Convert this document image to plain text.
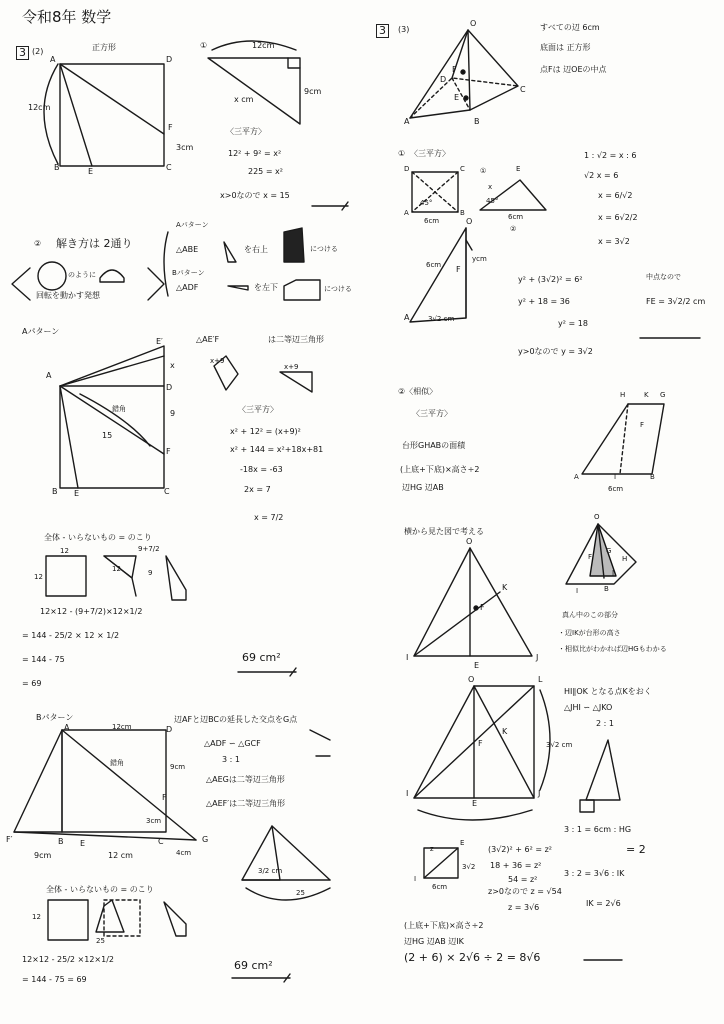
令和8年 数学
3 (2)	正方形
A	D
B	C
E
F
12cm
3cm
①	12cm
9cm
x cm
〈三平方〉
12² + 9² = x²
225 = x²
x>0なので x = 15
② 解き方は 2通り
Aパターン
△ABE	を右上	につける
Bパターン
△ADF	を左下	につける
のように
回転を動かす発想
Aパターン
△AE′F	は二等辺三角形
E′
A
D
B	C
E
F
x
9
15
錯角
x+9
x+9
〈三平方〉
x² + 12² = (x+9)²
x² + 144 = x²+18x+81
-18x = -63
2x = 7
x = 7/2
全体 - いらないもの = のこり
12
12
9+7/2
9
12
12×12 - (9+7/2)×12×1/2
= 144 - 25/2 × 12 × 1/2
= 144 - 75
= 69
69 cm²
Bパターン	辺AFと辺BCの延長した交点をG点
△ADF ∽ △GCF
3 : 1
△AEGは二等辺三角形
△AEF′は二等辺三角形
F′	B E	C	G
A	D
F
9cm
3cm
4cm
錯角
12cm
12 cm
9cm
25
3/2 cm
全体 - いらないもの = のこり
12
25
12×12 - 25/2 ×12×1/2
= 144 - 75 = 69
69 cm²
3	(3)	すべての辺 6cm
底面は 正方形
点Fは 辺OEの中点
O
D
C
A	B
F
E
① 〈三平方〉
D	C
A	B
45°
6cm
①	E
x
45°
6cm
②
1 : √2 = x : 6
√2 x = 6
x = 6/√2
x = 6√2/2
x = 3√2
O
F
A
ycm
6cm
3√2 cm
y² + (3√2)² = 6²
y² + 18 = 36
y² = 18
y>0なので y = 3√2
中点なので
FE = 3√2/2 cm
②〈相似〉
〈三平方〉
台形GHABの面積
(上底+下底)×高さ÷2
辺HG 辺AB
H	K G
F
A	I	B
6cm
横から見た図で考える
O
K
F
I
E
J
O
H
G
F
I
J
B
真ん中のこの部分
・辺IKが台形の高さ
・相似比がわかれば辺HGもわかる
O	L
K
F
I
E
J
3√2 cm
HI∥OK となる点Kをおく
△JHI ∽ △JKO
2 : 1
3 : 1 = 6cm : HG
= 2
3 : 2 = 3√6 : IK
IK = 2√6
z
E
I
6cm
3√2
(3√2)² + 6² = z²
18 + 36 = z²
54 = z²
z>0なので z = √54
z = 3√6
(上底+下底)×高さ÷2
辺HG 辺AB 辺IK
(2 + 6) × 2√6 ÷ 2 = 8√6
